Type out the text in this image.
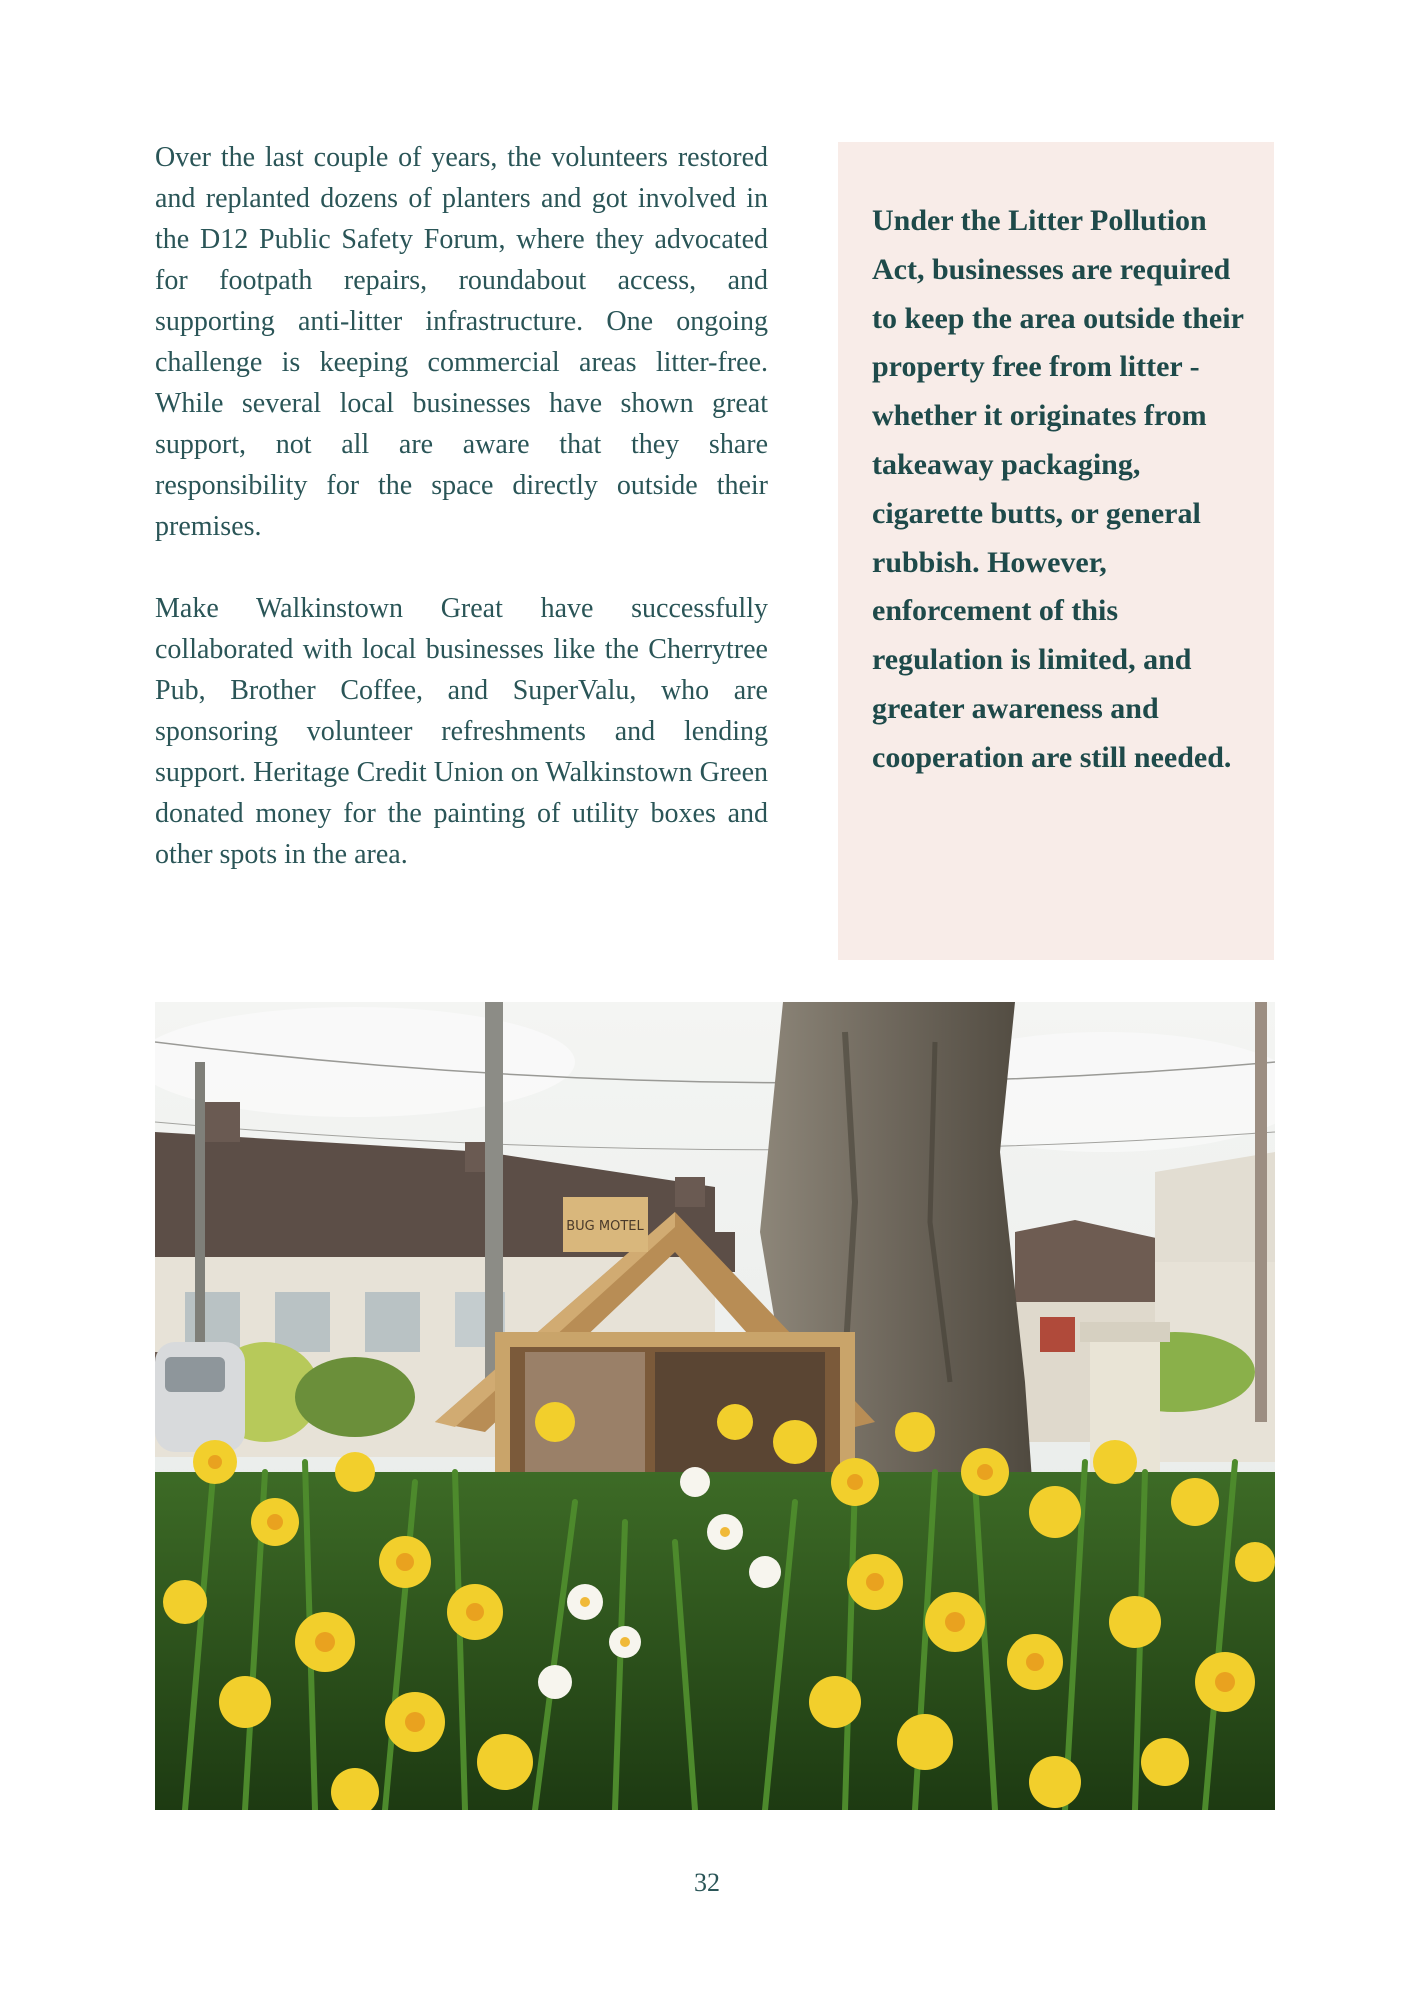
Over the last couple of years, the volunteers restored and replanted dozens of planters and got involved in the D12 Public Safety Forum, where they advocated for footpath repairs, roundabout access, and supporting anti-litter infrastructure. One ongoing challenge is keeping commercial areas litter-free. While several local businesses have shown great support, not all are aware that they share responsibility for the space directly outside their premises.

Make Walkinstown Great have successfully collaborated with local businesses like the Cherrytree Pub, Brother Coffee, and SuperValu, who are sponsoring volunteer refreshments and lending support. Heritage Credit Union on Walkinstown Green donated money for the painting of utility boxes and other spots in the area.

Under the Litter Pollution Act, businesses are required to keep the area outside their property free from litter - whether it originates from takeaway packaging, cigarette butts, or general rubbish. However, enforcement of this regulation is limited, and greater awareness and cooperation are still needed.

BUG MOTEL
32
